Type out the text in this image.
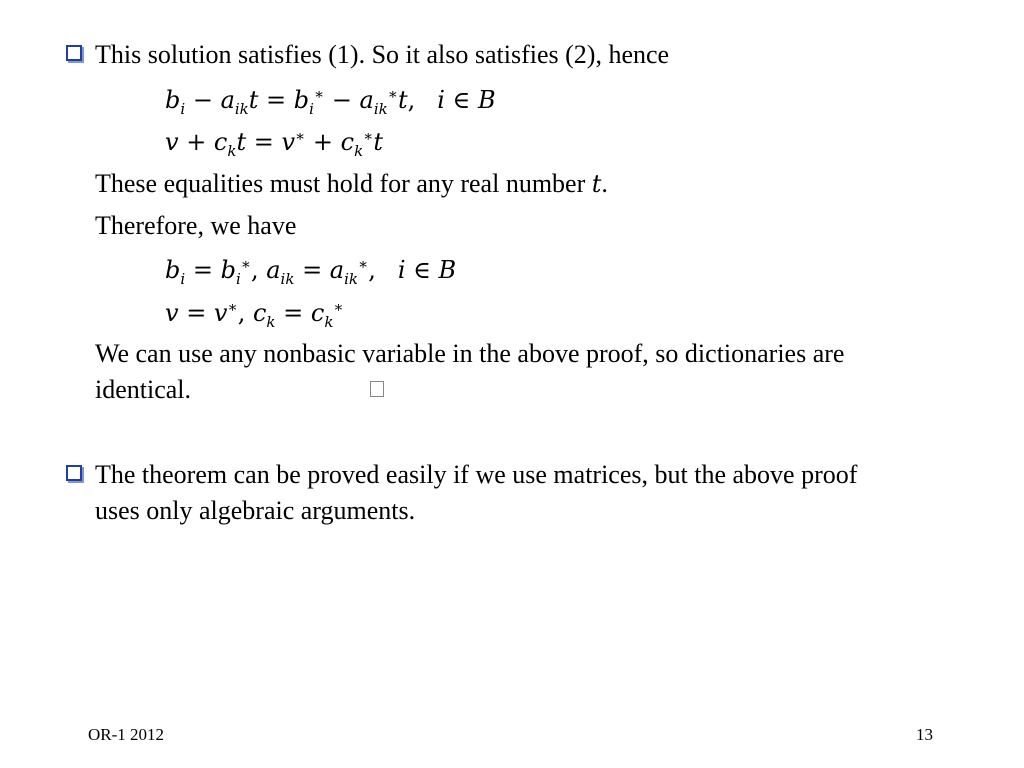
This solution satisfies (1). So it also satisfies (2), hence
$b_i - a_{ik}t = b_i^∗ - a_{ik}^∗t$, i ∈ B
$v + c_kt = v^∗ + c_k^∗t$
These equalities must hold for any real number t.
Therefore, we have
$b_i = b_i^∗$, $a_{ik} = a_{ik}^∗$, i ∈ B
v = v∗, $c_k = c_k^∗$
We can use any nonbasic variable in the above proof, so dictionaries are
identical.
The theorem can be proved easily if we use matrices, but the above proof
uses only algebraic arguments.
OR-1 2012	13
